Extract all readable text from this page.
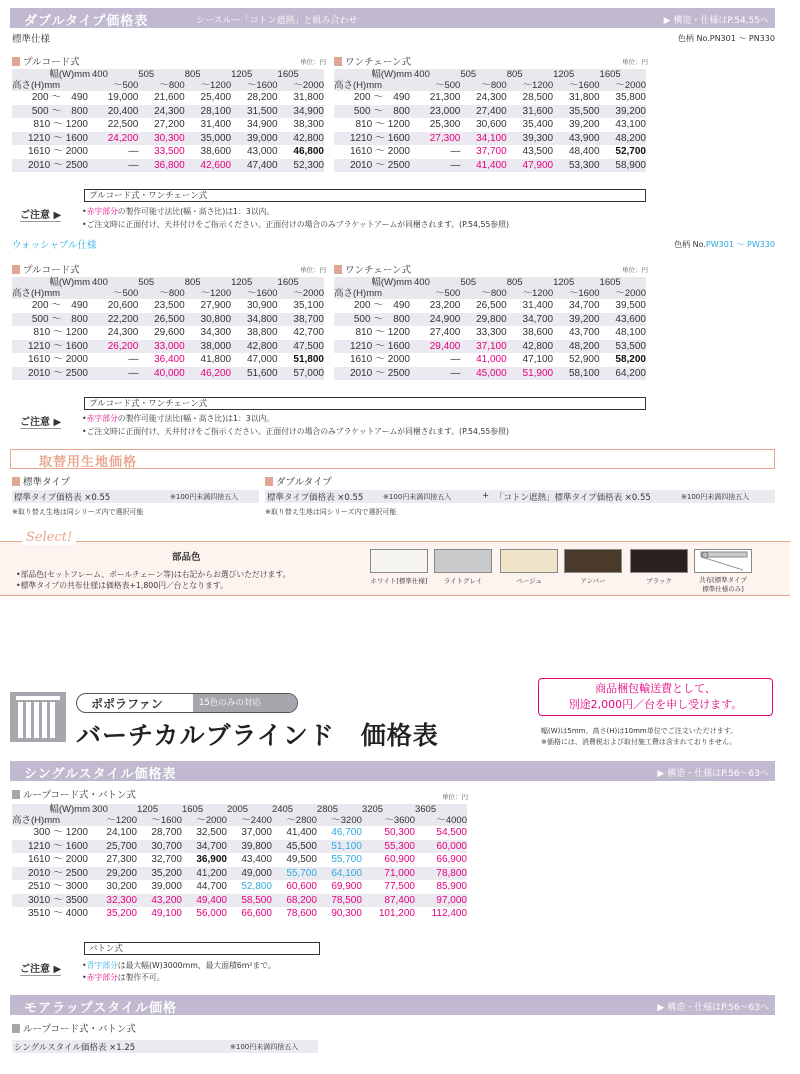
ダブルタイプ価格表	シースルー「コトン遮熱」と組み合わせ	▶ 構造・仕様はP.54,55へ
標準仕様	色柄 No.PN301 〜 PN330
プルコード式	単位：円
幅(W)mm
高さ(H)mm	400	505	805	1205	1605
	〜500	〜800	〜1200	〜1600	〜2000
200 〜　490	19,000	21,600	25,400	28,200	31,800
500 〜　800	20,400	24,300	28,100	31,500	34,900
810 〜 1200	22,500	27,200	31,400	34,900	38,300
1210 〜 1600	24,200	30,300	35,000	39,000	42,800
1610 〜 2000	—	33,500	38,600	43,000	46,800
2010 〜 2500	—	36,800	42,600	47,400	52,300
ワンチェーン式	単位：円
幅(W)mm
高さ(H)mm	400	505	805	1205	1605
	〜500	〜800	〜1200	〜1600	〜2000
200 〜　490	21,300	24,300	28,500	31,800	35,800
500 〜　800	23,000	27,400	31,600	35,500	39,200
810 〜 1200	25,300	30,600	35,400	39,200	43,100
1210 〜 1600	27,300	34,100	39,300	43,900	48,200
1610 〜 2000	—	37,700	43,500	48,400	52,700
2010 〜 2500	—	41,400	47,900	53,300	58,900
プルコード式・ワンチェーン式
ご注意 ▶	•赤字部分の製作可能寸法比(幅・高さ比)は1：3以内。
•ご注文時に正面付け、天井付けをご指示ください。正面付けの場合のみブラケットアームが同梱されます。(P.54,55参照)
ウォッシャブル仕様	色柄 No.PW301 〜 PW330
プルコード式	単位：円
幅(W)mm
高さ(H)mm	400	505	805	1205	1605
	〜500	〜800	〜1200	〜1600	〜2000
200 〜　490	20,600	23,500	27,900	30,900	35,100
500 〜　800	22,200	26,500	30,800	34,800	38,700
810 〜 1200	24,300	29,600	34,300	38,800	42,700
1210 〜 1600	26,200	33,000	38,000	42,800	47,500
1610 〜 2000	—	36,400	41,800	47,000	51,800
2010 〜 2500	—	40,000	46,200	51,600	57,000
ワンチェーン式	単位：円
幅(W)mm
高さ(H)mm	400	505	805	1205	1605
	〜500	〜800	〜1200	〜1600	〜2000
200 〜　490	23,200	26,500	31,400	34,700	39,500
500 〜　800	24,900	29,800	34,700	39,200	43,600
810 〜 1200	27,400	33,300	38,600	43,700	48,100
1210 〜 1600	29,400	37,100	42,800	48,200	53,500
1610 〜 2000	—	41,000	47,100	52,900	58,200
2010 〜 2500	—	45,000	51,900	58,100	64,200
プルコード式・ワンチェーン式
ご注意 ▶	•赤字部分の製作可能寸法比(幅・高さ比)は1：3以内。
•ご注文時に正面付け、天井付けをご指示ください。正面付けの場合のみブラケットアームが同梱されます。(P.54,55参照)
取替用生地価格
標準タイプ
標準タイプ価格表 ×0.55	※100円未満四捨五入
※取り替え生地は同シリーズ内で選択可能
ダブルタイプ
標準タイプ価格表 ×0.55	※100円未満四捨五入	+ 「コトン遮熱」標準タイプ価格表 ×0.55	※100円未満四捨五入
※取り替え生地は同シリーズ内で選択可能
Select!
部品色
•部品色(セットフレーム、ボールチェーン等)は右記からお選びいただけます。
•標準タイプの共布仕様は価格表+1,800円／台となります。	ホワイト[標準仕様]	ライトグレイ	ベージュ	アンバー	ブラック	共布[標準タイプ
標準仕様のみ]
ポポラファン	15色のみの対応
バーチカルブラインド　価格表
商品梱包輸送費として、
別途2,000円／台を申し受けます。
幅(W)は5mm、高さ(H)は10mm単位でご注文いただけます。
※価格には、消費税および取付施工費は含まれておりません。
シングルスタイル価格表	▶ 構造・仕様はP.56〜63へ
ループコード式・バトン式	単位：円
幅(W)mm
高さ(H)mm	300	1205	1605	2005	2405	2805	3205	3605
	〜1200	〜1600	〜2000	〜2400	〜2800	〜3200	〜3600	〜4000
300 〜 1200	24,100	28,700	32,500	37,000	41,400	46,700	50,300	54,500
1210 〜 1600	25,700	30,700	34,700	39,800	45,500	51,100	55,300	60,000
1610 〜 2000	27,300	32,700	36,900	43,400	49,500	55,700	60,900	66,900
2010 〜 2500	29,200	35,200	41,200	49,000	55,700	64,100	71,000	78,800
2510 〜 3000	30,200	39,000	44,700	52,800	60,600	69,900	77,500	85,900
3010 〜 3500	32,300	43,200	49,400	58,500	68,200	78,500	87,400	97,000
3510 〜 4000	35,200	49,100	56,000	66,600	78,600	90,300	101,200	112,400
バトン式
ご注意 ▶	•青字部分は最大幅(W)3000mm、最大面積6m²まで。
•赤字部分は製作不可。
モアラップスタイル価格	▶ 構造・仕様はP.56〜63へ
ループコード式・バトン式
シングルスタイル価格表 ×1.25	※100円未満四捨五入
